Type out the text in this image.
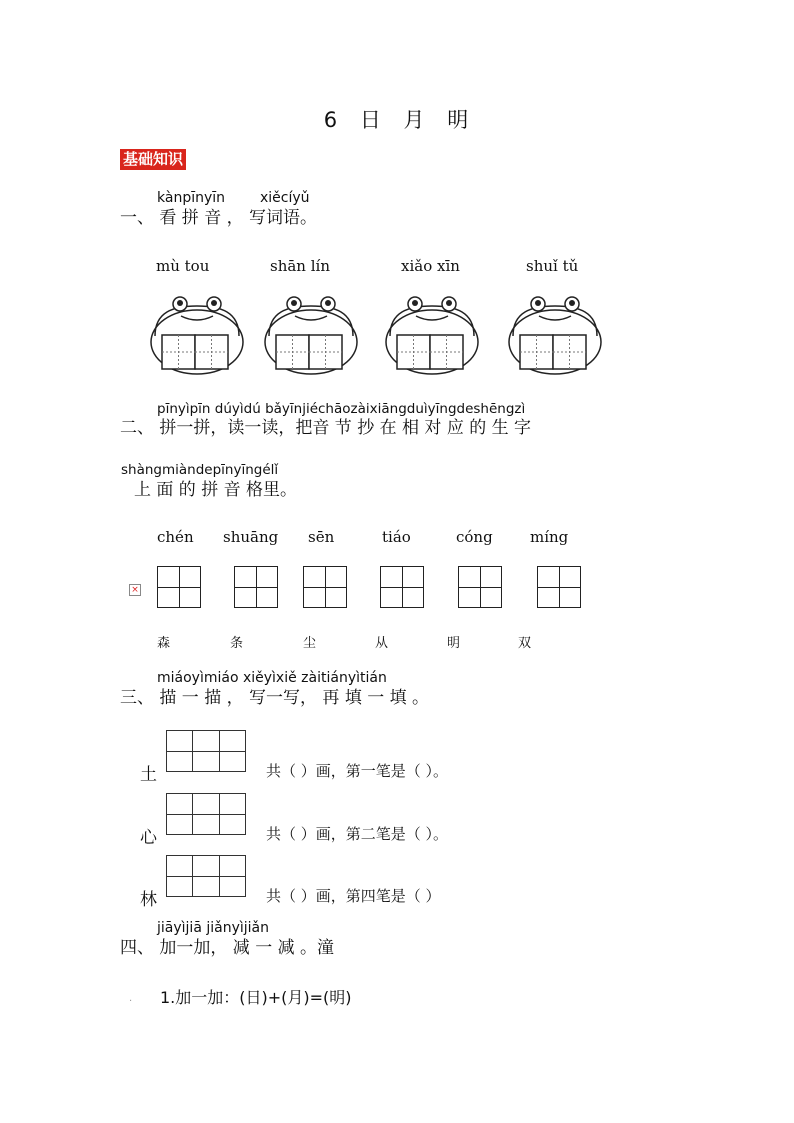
6 日 月 明
基础知识
kànpīnyīn xiěcíyǔ
一、 看 拼 音 ， 写词语。
mù tou	shān lín	xiǎo xīn	shuǐ tǔ
pīnyìpīn dúyìdú bǎyīnjiéchāozàixiāngduìyīngdeshēngzì
二、 拼一拼，读一读，把音 节 抄 在 相 对 应 的 生 字
shàngmiàndepīnyīngélǐ
上 面 的 拼 音 格里。
chén shuāng sēn	tiáo	cóng míng
×
森	条	尘	从	明	双
miáoyìmiáo xiěyìxiě zàitiányìtián
三、 描 一 描 ， 写一写， 再 填 一 填 。
土	共（ ）画，第一笔是（ ）。
心	共（ ）画，第二笔是（ ）。
林	共（ ）画，第四笔是（ ）
jiāyìjiā jiǎnyìjiǎn
四、 加一加， 减 一 减 。潼
1.加一加：(日)+(月)=(明)
.
